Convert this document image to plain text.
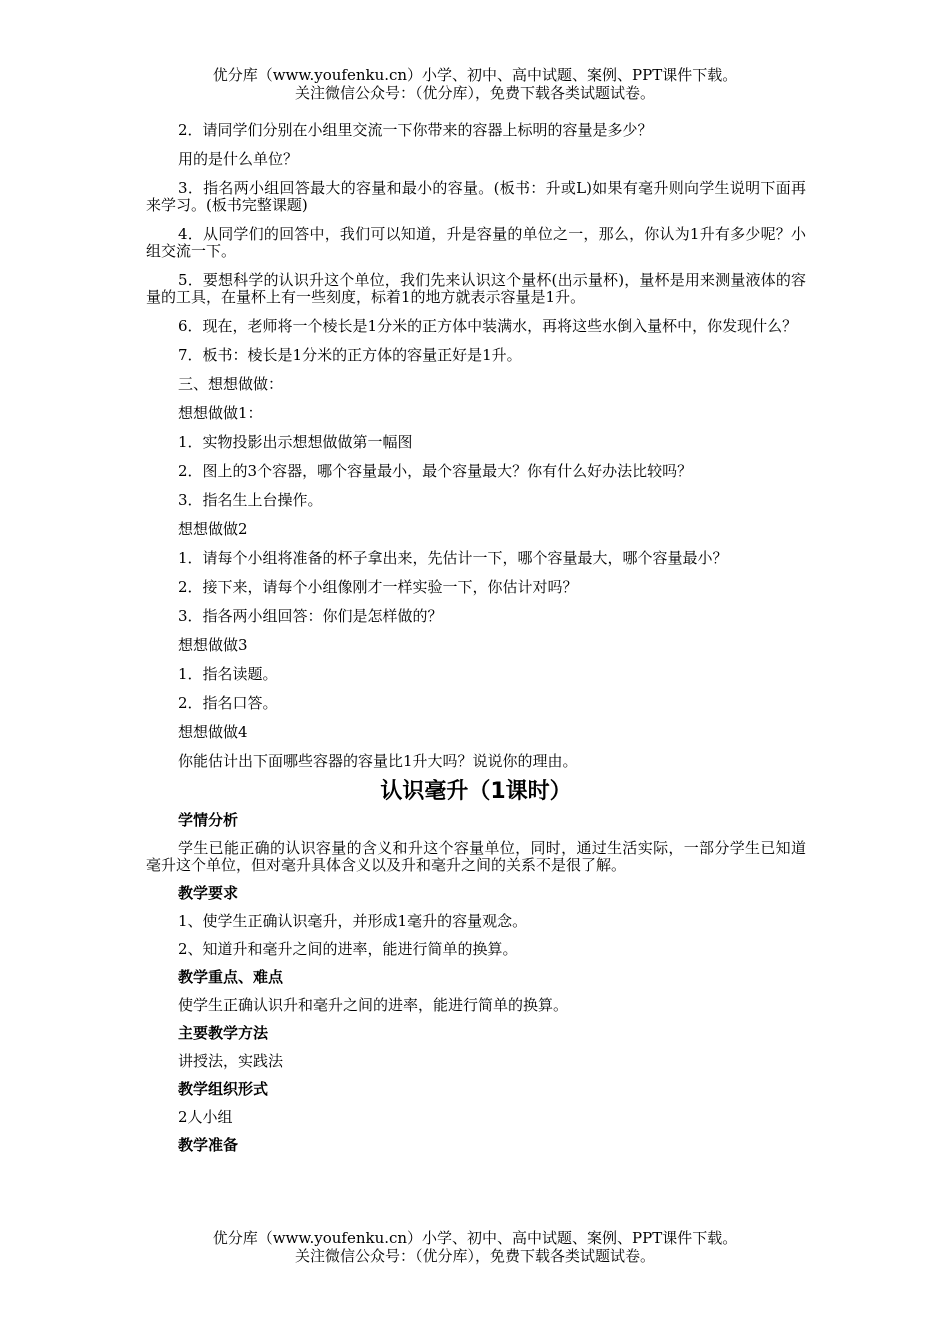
优分库（www.youfenku.cn）小学、初中、高中试题、案例、PPT课件下载。
关注微信公众号：（优分库），免费下载各类试题试卷。

2．请同学们分别在小组里交流一下你带来的容器上标明的容量是多少？

用的是什么单位？

3．指名两小组回答最大的容量和最小的容量。(板书：升或L)如果有毫升则向学生说明下面再来学习。(板书完整课题)

4．从同学们的回答中，我们可以知道，升是容量的单位之一，那么，你认为1升有多少呢？小组交流一下。

5．要想科学的认识升这个单位，我们先来认识这个量杯(出示量杯)，量杯是用来测量液体的容量的工具，在量杯上有一些刻度，标着1的地方就表示容量是1升。

6．现在，老师将一个棱长是1分米的正方体中装满水，再将这些水倒入量杯中，你发现什么？

7．板书：棱长是1分米的正方体的容量正好是1升。

三、想想做做：

想想做做1：

1．实物投影出示想想做做第一幅图

2．图上的3个容器，哪个容量最小，最个容量最大？你有什么好办法比较吗？

3．指名生上台操作。

想想做做2

1．请每个小组将准备的杯子拿出来，先估计一下，哪个容量最大，哪个容量最小？

2．接下来，请每个小组像刚才一样实验一下，你估计对吗？

3．指各两小组回答：你们是怎样做的？

想想做做3

1．指名读题。

2．指名口答。

想想做做4

你能估计出下面哪些容器的容量比1升大吗？说说你的理由。

认识毫升（1课时）

学情分析

学生已能正确的认识容量的含义和升这个容量单位，同时，通过生活实际，一部分学生已知道毫升这个单位，但对毫升具体含义以及升和毫升之间的关系不是很了解。

教学要求

1、使学生正确认识毫升，并形成1毫升的容量观念。

2、知道升和毫升之间的进率，能进行简单的换算。

教学重点、难点

使学生正确认识升和毫升之间的进率，能进行简单的换算。

主要教学方法

讲授法，实践法

教学组织形式

2人小组

教学准备

优分库（www.youfenku.cn）小学、初中、高中试题、案例、PPT课件下载。
关注微信公众号：（优分库），免费下载各类试题试卷。
